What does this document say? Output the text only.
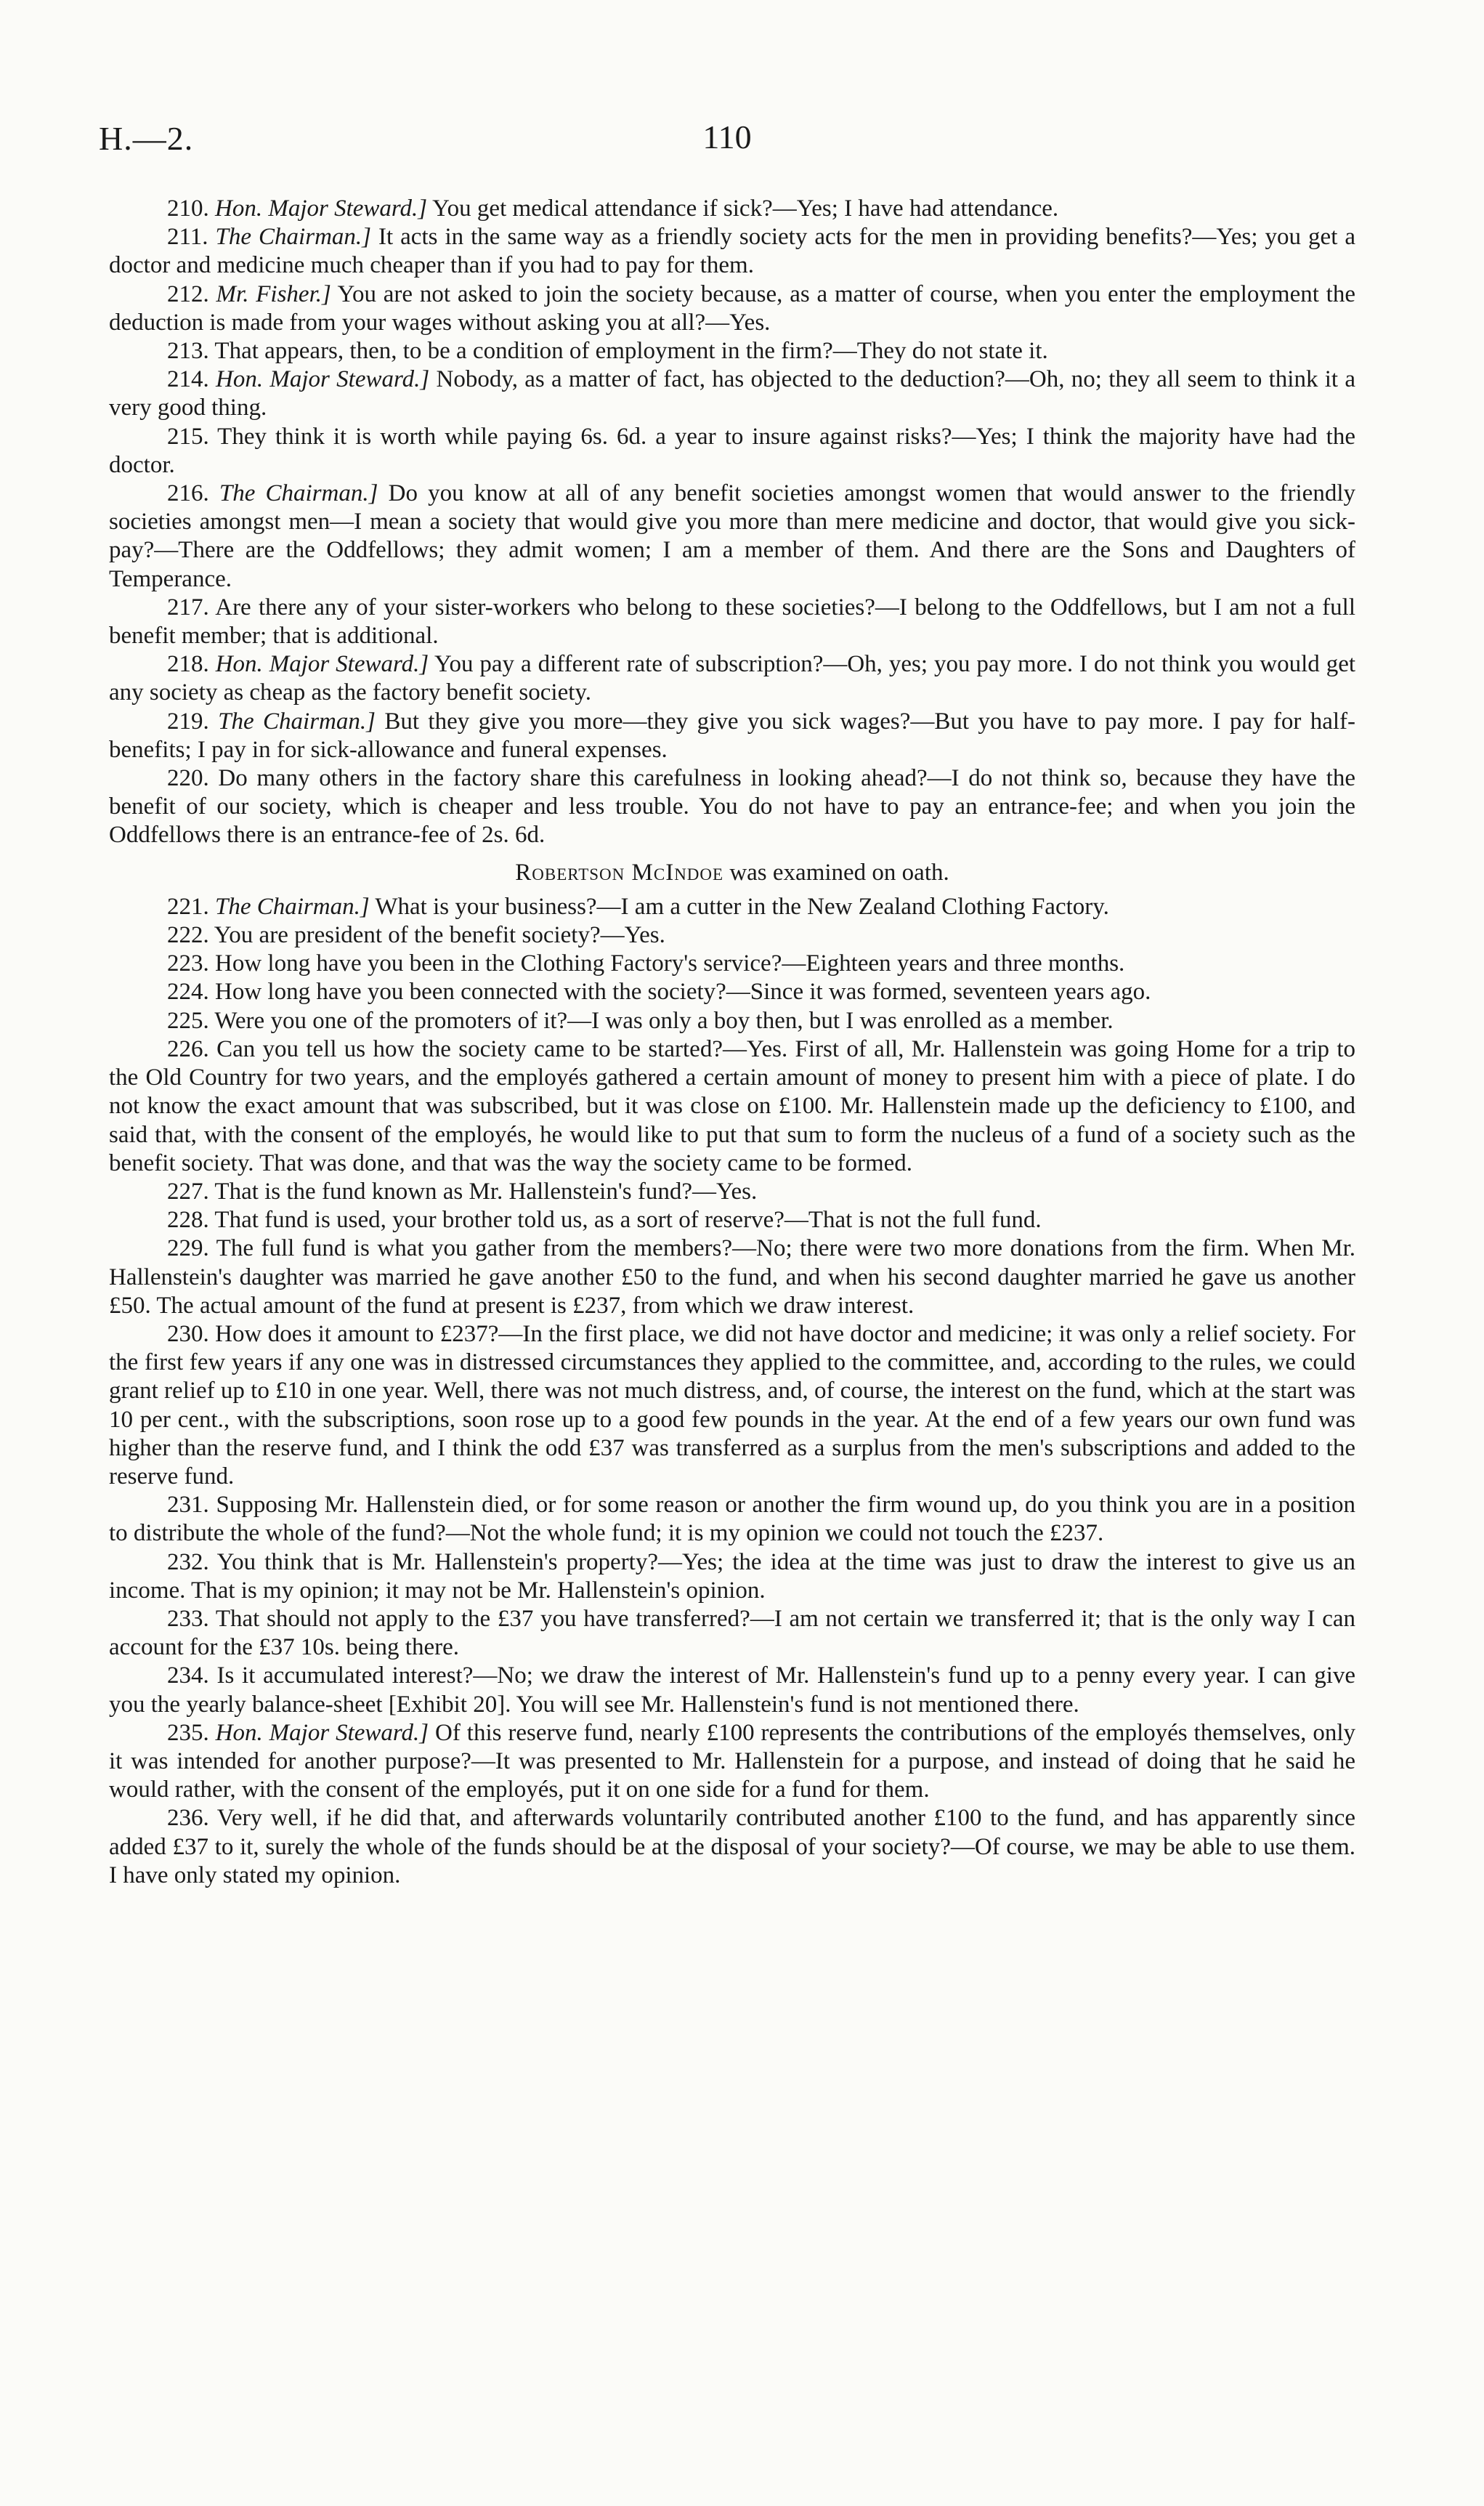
H.—2.	110

210. Hon. Major Steward.] You get medical attendance if sick?—Yes; I have had attendance.

211. The Chairman.] It acts in the same way as a friendly society acts for the men in providing benefits?—Yes; you get a doctor and medicine much cheaper than if you had to pay for them.

212. Mr. Fisher.] You are not asked to join the society because, as a matter of course, when you enter the employment the deduction is made from your wages without asking you at all?—Yes.

213. That appears, then, to be a condition of employment in the firm?—They do not state it.

214. Hon. Major Steward.] Nobody, as a matter of fact, has objected to the deduction?—Oh, no; they all seem to think it a very good thing.

215. They think it is worth while paying 6s. 6d. a year to insure against risks?—Yes; I think the majority have had the doctor.

216. The Chairman.] Do you know at all of any benefit societies amongst women that would answer to the friendly societies amongst men—I mean a society that would give you more than mere medicine and doctor, that would give you sick-pay?—There are the Oddfellows; they admit women; I am a member of them. And there are the Sons and Daughters of Temperance.

217. Are there any of your sister-workers who belong to these societies?—I belong to the Oddfellows, but I am not a full benefit member; that is additional.

218. Hon. Major Steward.] You pay a different rate of subscription?—Oh, yes; you pay more. I do not think you would get any society as cheap as the factory benefit society.

219. The Chairman.] But they give you more—they give you sick wages?—But you have to pay more. I pay for half-benefits; I pay in for sick-allowance and funeral expenses.

220. Do many others in the factory share this carefulness in looking ahead?—I do not think so, because they have the benefit of our society, which is cheaper and less trouble. You do not have to pay an entrance-fee; and when you join the Oddfellows there is an entrance-fee of 2s. 6d.

Robertson McIndoe was examined on oath.

221. The Chairman.] What is your business?—I am a cutter in the New Zealand Clothing Factory.

222. You are president of the benefit society?—Yes.

223. How long have you been in the Clothing Factory's service?—Eighteen years and three months.

224. How long have you been connected with the society?—Since it was formed, seventeen years ago.

225. Were you one of the promoters of it?—I was only a boy then, but I was enrolled as a member.

226. Can you tell us how the society came to be started?—Yes. First of all, Mr. Hallenstein was going Home for a trip to the Old Country for two years, and the employés gathered a certain amount of money to present him with a piece of plate. I do not know the exact amount that was subscribed, but it was close on £100. Mr. Hallenstein made up the deficiency to £100, and said that, with the consent of the employés, he would like to put that sum to form the nucleus of a fund of a society such as the benefit society. That was done, and that was the way the society came to be formed.

227. That is the fund known as Mr. Hallenstein's fund?—Yes.

228. That fund is used, your brother told us, as a sort of reserve?—That is not the full fund.

229. The full fund is what you gather from the members?—No; there were two more donations from the firm. When Mr. Hallenstein's daughter was married he gave another £50 to the fund, and when his second daughter married he gave us another £50. The actual amount of the fund at present is £237, from which we draw interest.

230. How does it amount to £237?—In the first place, we did not have doctor and medicine; it was only a relief society. For the first few years if any one was in distressed circumstances they applied to the committee, and, according to the rules, we could grant relief up to £10 in one year. Well, there was not much distress, and, of course, the interest on the fund, which at the start was 10 per cent., with the subscriptions, soon rose up to a good few pounds in the year. At the end of a few years our own fund was higher than the reserve fund, and I think the odd £37 was transferred as a surplus from the men's subscriptions and added to the reserve fund.

231. Supposing Mr. Hallenstein died, or for some reason or another the firm wound up, do you think you are in a position to distribute the whole of the fund?—Not the whole fund; it is my opinion we could not touch the £237.

232. You think that is Mr. Hallenstein's property?—Yes; the idea at the time was just to draw the interest to give us an income. That is my opinion; it may not be Mr. Hallenstein's opinion.

233. That should not apply to the £37 you have transferred?—I am not certain we transferred it; that is the only way I can account for the £37 10s. being there.

234. Is it accumulated interest?—No; we draw the interest of Mr. Hallenstein's fund up to a penny every year. I can give you the yearly balance-sheet [Exhibit 20]. You will see Mr. Hallenstein's fund is not mentioned there.

235. Hon. Major Steward.] Of this reserve fund, nearly £100 represents the contributions of the employés themselves, only it was intended for another purpose?—It was presented to Mr. Hallenstein for a purpose, and instead of doing that he said he would rather, with the consent of the employés, put it on one side for a fund for them.

236. Very well, if he did that, and afterwards voluntarily contributed another £100 to the fund, and has apparently since added £37 to it, surely the whole of the funds should be at the disposal of your society?—Of course, we may be able to use them. I have only stated my opinion.
